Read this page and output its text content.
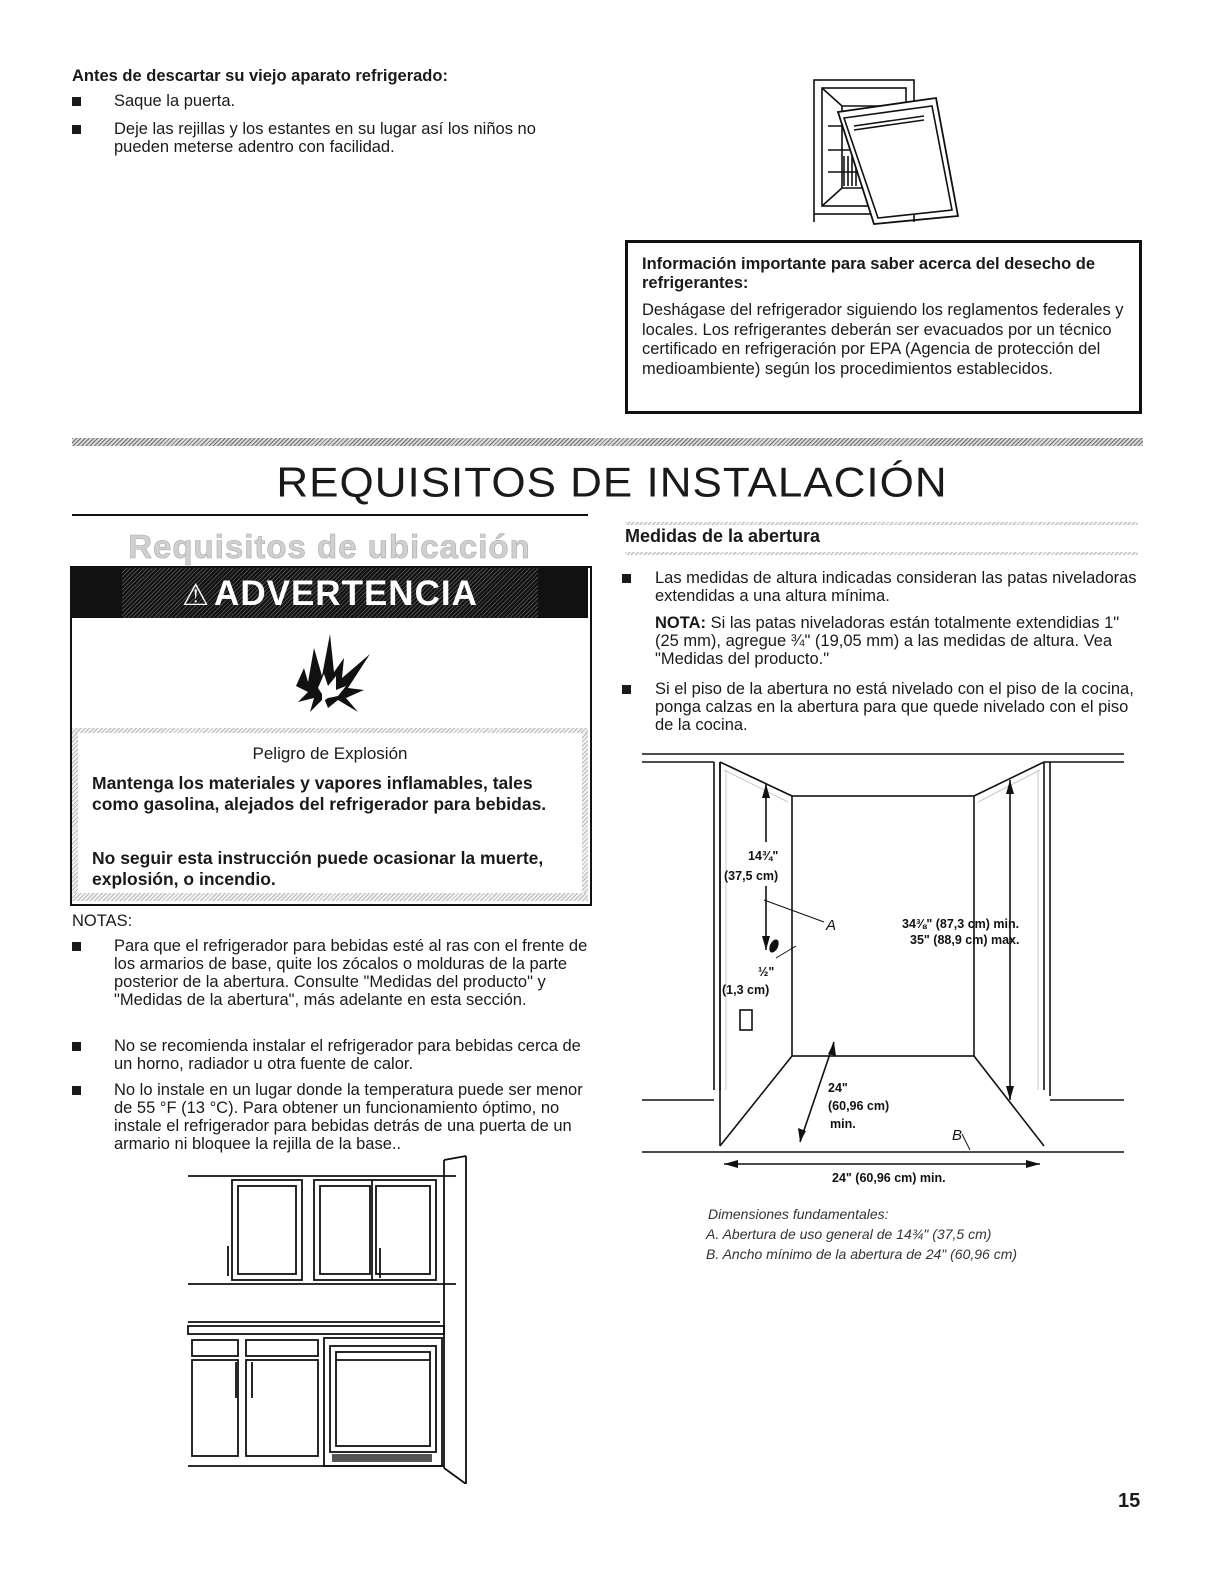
Antes de descartar su viejo aparato refrigerado:
Saque la puerta.
Deje las rejillas y los estantes en su lugar así los niños no pueden meterse adentro con facilidad.
Información importante para saber acerca del desecho de refrigerantes:
Deshágase del refrigerador siguiendo los reglamentos federales y locales. Los refrigerantes deberán ser evacuados por un técnico certificado en refrigeración por EPA (Agencia de protección del medioambiente) según los procedimientos establecidos.
REQUISITOS DE INSTALACIÓN
Requisitos de ubicación
⚠ ADVERTENCIA
Peligro de Explosión
Mantenga los materiales y vapores inflamables, tales como gasolina, alejados del refrigerador para bebidas.
No seguir esta instrucción puede ocasionar la muerte, explosión, o incendio.
NOTAS:
Para que el refrigerador para bebidas esté al ras con el frente de los armarios de base, quite los zócalos o molduras de la parte posterior de la abertura. Consulte "Medidas del producto" y "Medidas de la abertura", más adelante en esta sección.
No se recomienda instalar el refrigerador para bebidas cerca de un horno, radiador u otra fuente de calor.
No lo instale en un lugar donde la temperatura puede ser menor de 55 °F (13 °C). Para obtener un funcionamiento óptimo, no instale el refrigerador para bebidas detrás de una puerta de un armario ni bloquee la rejilla de la base..
Medidas de la abertura
Las medidas de altura indicadas consideran las patas niveladoras extendidas a una altura mínima.
NOTA: Si las patas niveladoras están totalmente extendidias 1" (25 mm), agregue ¾" (19,05 mm) a las medidas de altura. Vea "Medidas del producto."
Si el piso de la abertura no está nivelado con el piso de la cocina, ponga calzas en la abertura para que quede nivelado con el piso de la cocina.
14¾"
(37,5 cm)
A
½"
(1,3 cm)
34⅜" (87,3 cm) min.
35" (88,9 cm) max.
24"
(60,96 cm)
min.
B
24" (60,96 cm) min.
Dimensiones fundamentales:
A. Abertura de uso general de 14¾" (37,5 cm)
B. Ancho mínimo de la abertura de 24" (60,96 cm)
15
